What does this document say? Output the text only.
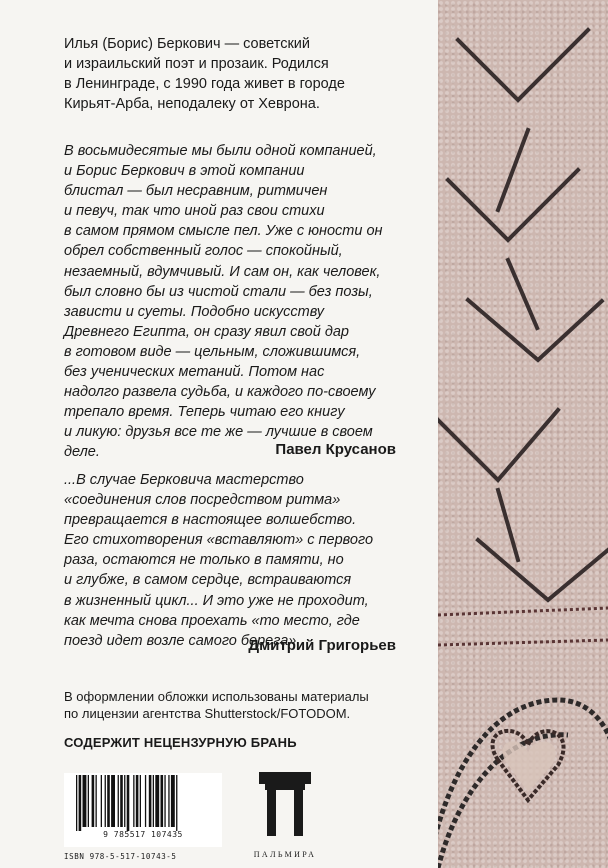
Илья (Борис) Беркович — советский
и израильский поэт и прозаик. Родился
в Ленинграде, с 1990 года живет в городе
Кирьят-Арба, неподалеку от Хеврона.

В восьмидесятые мы были одной компанией,
и Борис Беркович в этой компании
блистал — был несравним, ритмичен
и певуч, так что иной раз свои стихи
в самом прямом смысле пел. Уже с юности он
обрел собственный голос — спокойный,
незаемный, вдумчивый. И сам он, как человек,
был словно бы из чистой стали — без позы,
зависти и суеты. Подобно искусству
Древнего Египта, он сразу явил свой дар
в готовом виде — цельным, сложившимся,
без ученических метаний. Потом нас
надолго развела судьба, и каждого по-своему
трепало время. Теперь читаю его книгу
и ликую: друзья все те же — лучшие в своем
деле.	Павел Крусанов

...В случае Берковича мастерство
«соединения слов посредством ритма»
превращается в настоящее волшебство.
Его стихотворения «вставляют» с первого
раза, остаются не только в памяти, но
и глубже, в самом сердце, встраиваются
в жизненный цикл... И это уже не проходит,
как мечта снова проехать «то место, где
поезд идет возле самого берега».

Дмитрий Григорьев

В оформлении обложки использованы материалы
по лицензии агентства Shutterstock/FOTODOM.

СОДЕРЖИТ НЕЦЕНЗУРНУЮ БРАНЬ

9 785517 107435

ISBN 978-5-517-10743-5	ПАЛЬМИРА
